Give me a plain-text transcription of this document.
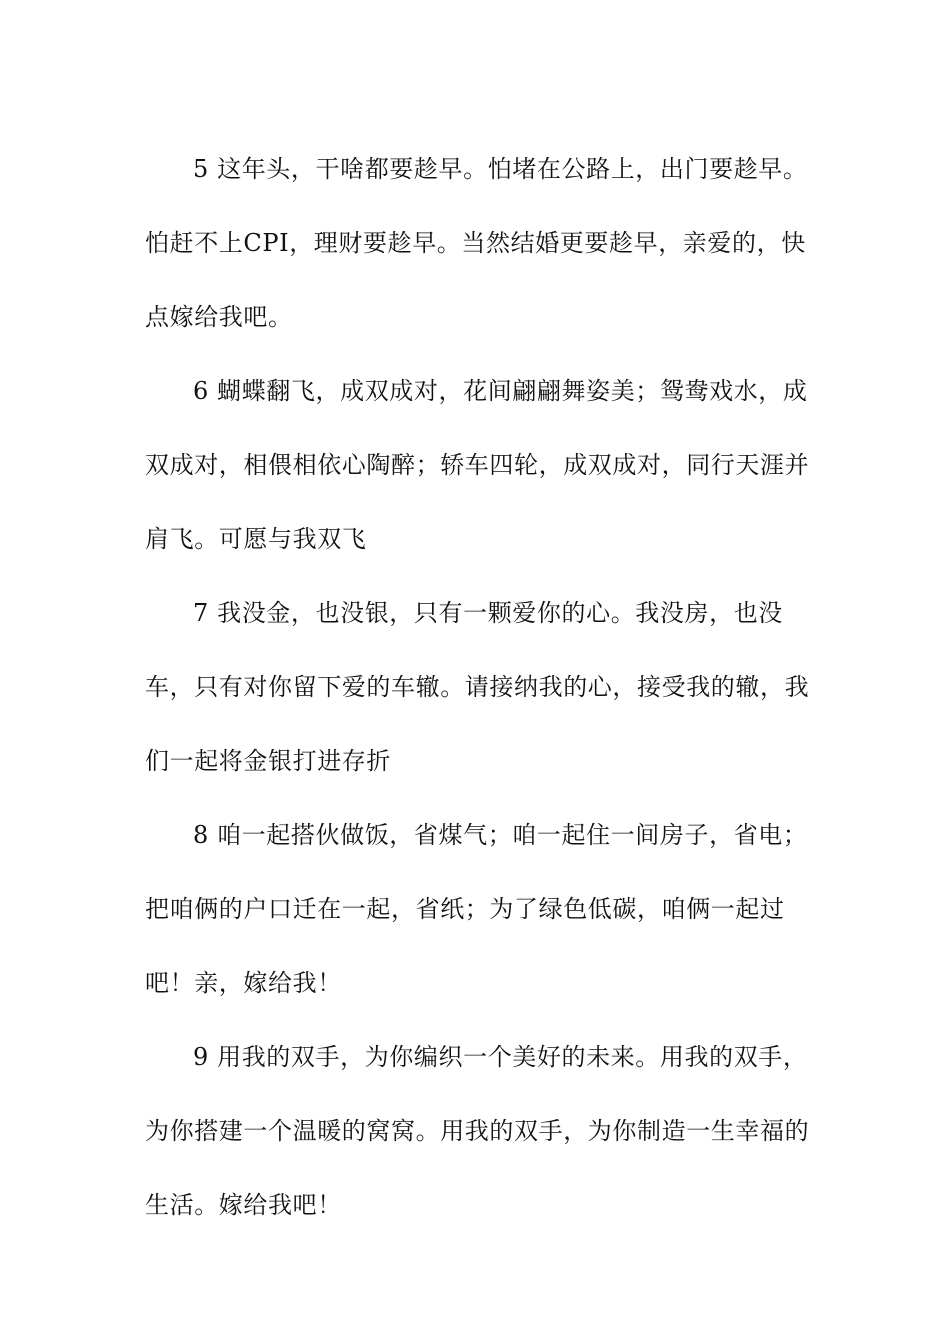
5 这年头，干啥都要趁早。怕堵在公路上，出门要趁早。怕赶不上CPI，理财要趁早。当然结婚更要趁早，亲爱的，快点嫁给我吧。

6 蝴蝶翻飞，成双成对，花间翩翩舞姿美；鸳鸯戏水，成双成对，相偎相依心陶醉；轿车四轮，成双成对，同行天涯并肩飞。可愿与我双飞

7 我没金，也没银，只有一颗爱你的心。我没房，也没车，只有对你留下爱的车辙。请接纳我的心，接受我的辙，我们一起将金银打进存折

8 咱一起搭伙做饭，省煤气；咱一起住一间房子，省电；把咱俩的户口迁在一起，省纸；为了绿色低碳，咱俩一起过吧！亲，嫁给我！

9 用我的双手，为你编织一个美好的未来。用我的双手，为你搭建一个温暖的窝窝。用我的双手，为你制造一生幸福的生活。嫁给我吧！
